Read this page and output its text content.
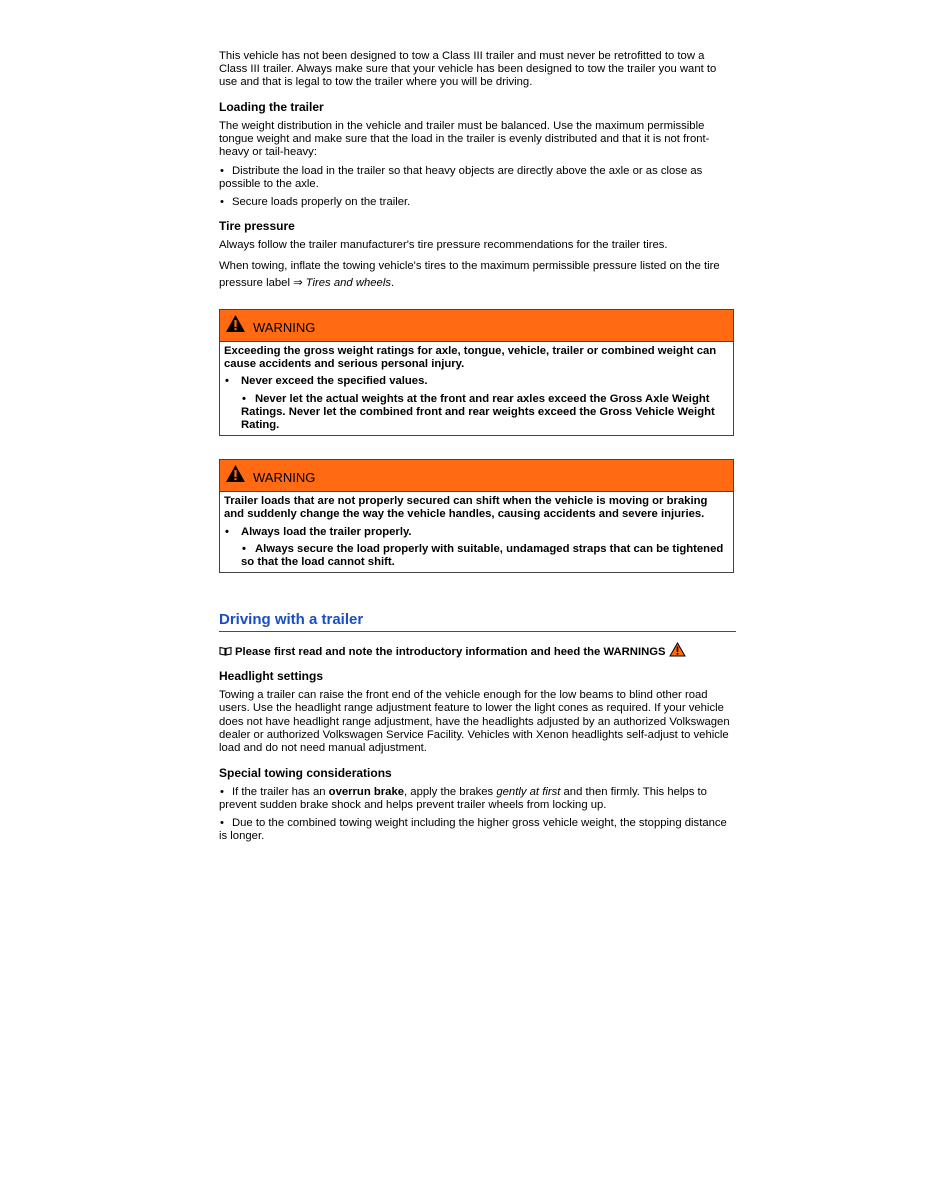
This vehicle has not been designed to tow a Class III trailer and must never be retrofitted to tow a Class III trailer. Always make sure that your vehicle has been designed to tow the trailer you want to use and that is legal to tow the trailer where you will be driving.

Loading the trailer

The weight distribution in the vehicle and trailer must be balanced. Use the maximum permissible tongue weight and make sure that the load in the trailer is evenly distributed and that it is not front-heavy or tail-heavy:

• Distribute the load in the trailer so that heavy objects are directly above the axle or as close as possible to the axle.

• Secure loads properly on the trailer.

Tire pressure

Always follow the trailer manufacturer's tire pressure recommendations for the trailer tires.

When towing, inflate the towing vehicle's tires to the maximum permissible pressure listed on the tire pressure label ⇒ Tires and wheels.

WARNING

Exceeding the gross weight ratings for axle, tongue, vehicle, trailer or combined weight can cause accidents and serious personal injury.

• Never exceed the specified values.

• Never let the actual weights at the front and rear axles exceed the Gross Axle Weight Ratings. Never let the combined front and rear weights exceed the Gross Vehicle Weight Rating.

WARNING

Trailer loads that are not properly secured can shift when the vehicle is moving or braking and suddenly change the way the vehicle handles, causing accidents and severe injuries.

• Always load the trailer properly.

• Always secure the load properly with suitable, undamaged straps that can be tightened so that the load cannot shift.

Driving with a trailer
Please first read and note the introductory information and heed the WARNINGS
Headlight settings

Towing a trailer can raise the front end of the vehicle enough for the low beams to blind other road users. Use the headlight range adjustment feature to lower the light cones as required. If your vehicle does not have headlight range adjustment, have the headlights adjusted by an authorized Volkswagen dealer or authorized Volkswagen Service Facility. Vehicles with Xenon headlights self-adjust to vehicle load and do not need manual adjustment.

Special towing considerations

• If the trailer has an overrun brake, apply the brakes gently at first and then firmly. This helps to prevent sudden brake shock and helps prevent trailer wheels from locking up.

• Due to the combined towing weight including the higher gross vehicle weight, the stopping distance is longer.
